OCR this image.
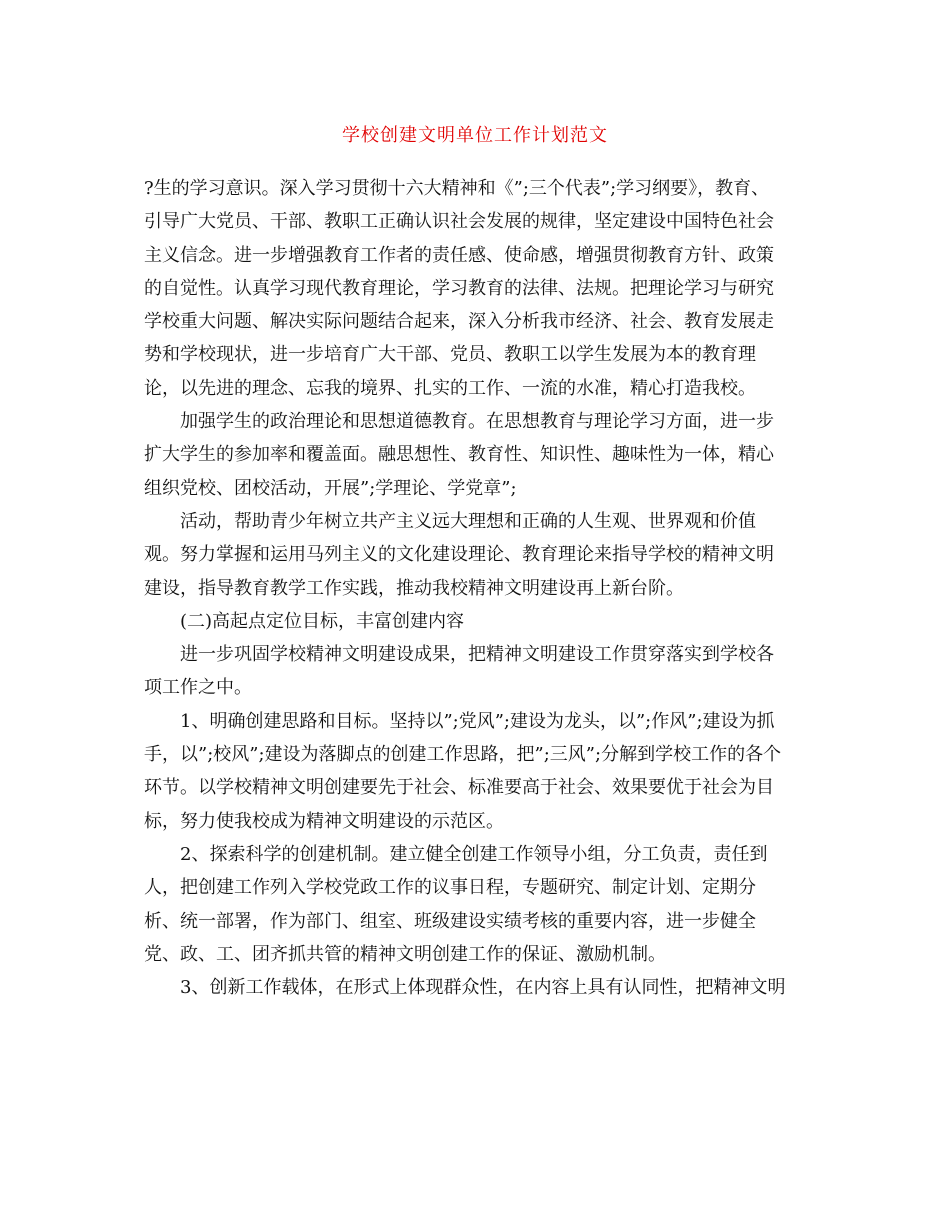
学校创建文明单位工作计划范文
?生的学习意识。深入学习贯彻十六大精神和《”;三个代表”;学习纲要》，教育、
引导广大党员、干部、教职工正确认识社会发展的规律，坚定建设中国特色社会
主义信念。进一步增强教育工作者的责任感、使命感，增强贯彻教育方针、政策
的自觉性。认真学习现代教育理论，学习教育的法律、法规。把理论学习与研究
学校重大问题、解决实际问题结合起来，深入分析我市经济、社会、教育发展走
势和学校现状，进一步培育广大干部、党员、教职工以学生发展为本的教育理
论，以先进的理念、忘我的境界、扎实的工作、一流的水准，精心打造我校。
加强学生的政治理论和思想道德教育。在思想教育与理论学习方面，进一步
扩大学生的参加率和覆盖面。融思想性、教育性、知识性、趣味性为一体，精心
组织党校、团校活动，开展”;学理论、学党章”;
活动，帮助青少年树立共产主义远大理想和正确的人生观、世界观和价值
观。努力掌握和运用马列主义的文化建设理论、教育理论来指导学校的精神文明
建设，指导教育教学工作实践，推动我校精神文明建设再上新台阶。
(二)高起点定位目标，丰富创建内容
进一步巩固学校精神文明建设成果，把精神文明建设工作贯穿落实到学校各
项工作之中。
1、明确创建思路和目标。坚持以”;党风”;建设为龙头，以”;作风”;建设为抓
手，以”;校风”;建设为落脚点的创建工作思路，把”;三风”;分解到学校工作的各个
环节。以学校精神文明创建要先于社会、标准要高于社会、效果要优于社会为目
标，努力使我校成为精神文明建设的示范区。
2、探索科学的创建机制。建立健全创建工作领导小组，分工负责，责任到
人，把创建工作列入学校党政工作的议事日程，专题研究、制定计划、定期分
析、统一部署，作为部门、组室、班级建设实绩考核的重要内容，进一步健全
党、政、工、团齐抓共管的精神文明创建工作的保证、激励机制。
3、创新工作载体，在形式上体现群众性，在内容上具有认同性，把精神文明
